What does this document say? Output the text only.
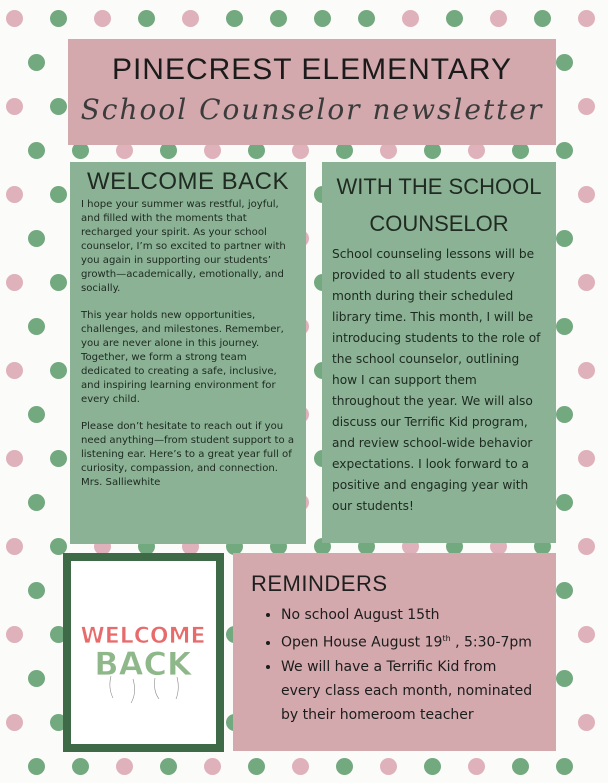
PINECREST ELEMENTARY
School Counselor newsletter
WELCOME BACK

I hope your summer was restful, joyful, and filled with the moments that recharged your spirit. As your school counselor, I’m so excited to partner with you again in supporting our students’ growth—academically, emotionally, and socially.

This year holds new opportunities, challenges, and milestones. Remember, you are never alone in this journey. Together, we form a strong team dedicated to creating a safe, inclusive, and inspiring learning environment for every child.

Please don’t hesitate to reach out if you need anything—from student support to a listening ear. Here’s to a great year full of curiosity, compassion, and connection.

Mrs. Salliewhite

WITH THE SCHOOL
COUNSELOR

School counseling lessons will be provided to all students every month during their scheduled library time. This month, I will be introducing students to the role of the school counselor, outlining how I can support them throughout the year. We will also discuss our Terrific Kid program, and review school-wide behavior expectations. I look forward to a positive and engaging year with our students!

WELCOME
BACK
REMINDERS
• No school August 15th
• Open House August 19th , 5:30-7pm
• We will have a Terrific Kid from every class each month, nominated by their homeroom teacher
